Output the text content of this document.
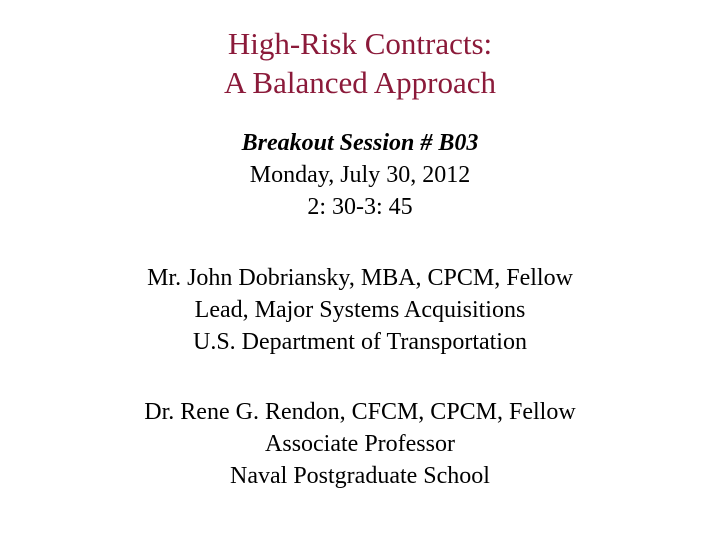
High-Risk Contracts:
A Balanced Approach
Breakout Session # B03
Monday, July 30, 2012
2: 30-3: 45
Mr. John Dobriansky, MBA, CPCM, Fellow
Lead, Major Systems Acquisitions
U.S. Department of Transportation
Dr. Rene G. Rendon, CFCM, CPCM, Fellow
Associate Professor
Naval Postgraduate School
